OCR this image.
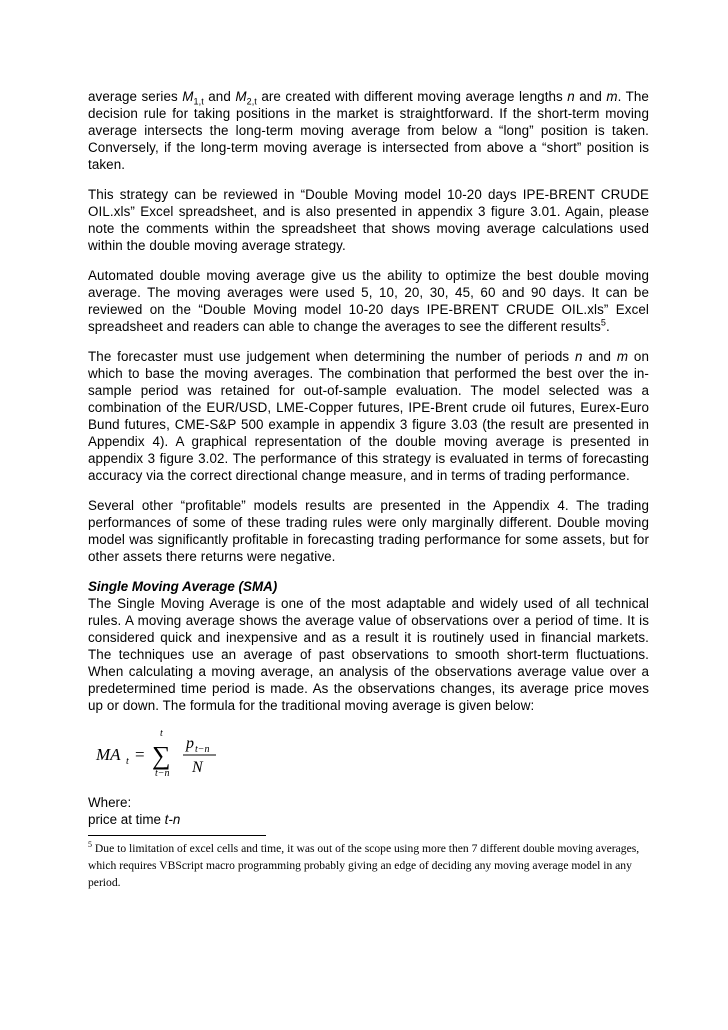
average series $M_{1,t}$ and $M_{2,t}$ are created with different moving average lengths n and m. The decision rule for taking positions in the market is straightforward. If the short-term moving average intersects the long-term moving average from below a “long” position is taken. Conversely, if the long-term moving average is intersected from above a “short” position is taken.

This strategy can be reviewed in “Double Moving model 10-20 days IPE-BRENT CRUDE OIL.xls” Excel spreadsheet, and is also presented in appendix 3 figure 3.01. Again, please note the comments within the spreadsheet that shows moving average calculations used within the double moving average strategy.

Automated double moving average give us the ability to optimize the best double moving average. The moving averages were used 5, 10, 20, 30, 45, 60 and 90 days. It can be reviewed on the “Double Moving model 10-20 days IPE-BRENT CRUDE OIL.xls” Excel spreadsheet and readers can able to change the averages to see the different results$^5$.

The forecaster must use judgement when determining the number of periods n and m on which to base the moving averages. The combination that performed the best over the in-sample period was retained for out-of-sample evaluation. The model selected was a combination of the EUR/USD, LME-Copper futures, IPE-Brent crude oil futures, Eurex-Euro Bund futures, CME-S&P 500 example in appendix 3 figure 3.03 (the result are presented in Appendix 4). A graphical representation of the double moving average is presented in appendix 3 figure 3.02. The performance of this strategy is evaluated in terms of forecasting accuracy via the correct directional change measure, and in terms of trading performance.

Several other “profitable” models results are presented in the Appendix 4. The trading performances of some of these trading rules were only marginally different. Double moving model was significantly profitable in forecasting trading performance for some assets, but for other assets there returns were negative.

Single Moving Average (SMA)

The Single Moving Average is one of the most adaptable and widely used of all technical rules. A moving average shows the average value of observations over a period of time. It is considered quick and inexpensive and as a result it is routinely used in financial markets. The techniques use an average of past observations to smooth short-term fluctuations. When calculating a moving average, an analysis of the observations average value over a predetermined time period is made. As the observations changes, its average price moves up or down. The formula for the traditional moving average is given below:

MA t = ∑
t
t−n
p t−n
N

Where:

price at time t-n

$^5$ Due to limitation of excel cells and time, it was out of the scope using more then 7 different double moving averages, which requires VBScript macro programming probably giving an edge of deciding any moving average model in any period.
